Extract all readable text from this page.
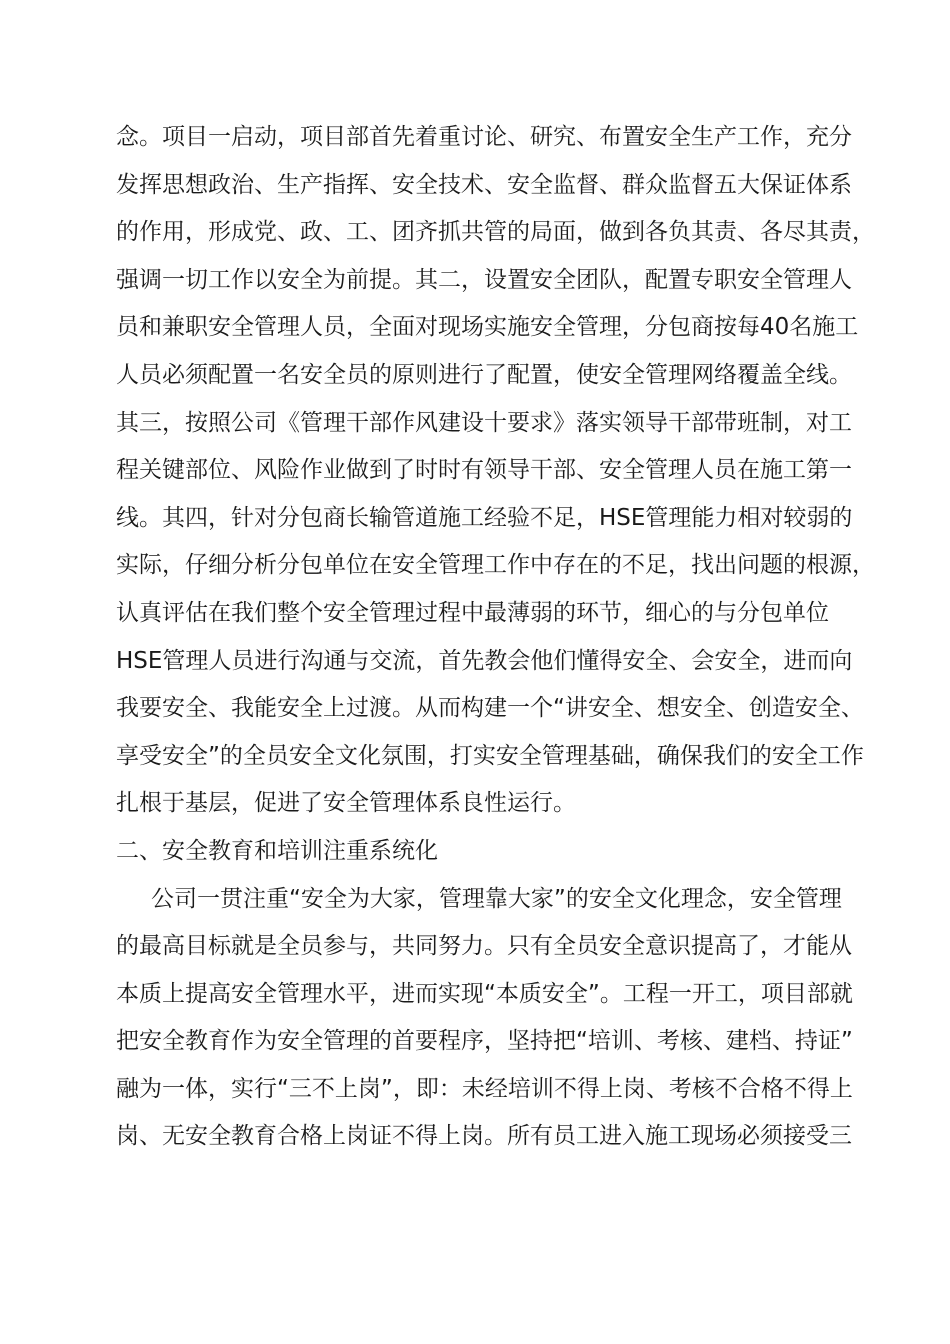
念。项目一启动，项目部首先着重讨论、研究、布置安全生产工作，充分
发挥思想政治、生产指挥、安全技术、安全监督、群众监督五大保证体系
的作用，形成党、政、工、团齐抓共管的局面，做到各负其责、各尽其责，
强调一切工作以安全为前提。其二，设置安全团队，配置专职安全管理人
员和兼职安全管理人员，全面对现场实施安全管理，分包商按每40名施工
人员必须配置一名安全员的原则进行了配置，使安全管理网络覆盖全线。
其三，按照公司《管理干部作风建设十要求》落实领导干部带班制，对工
程关键部位、风险作业做到了时时有领导干部、安全管理人员在施工第一
线。其四，针对分包商长输管道施工经验不足，HSE管理能力相对较弱的
实际，仔细分析分包单位在安全管理工作中存在的不足，找出问题的根源，
认真评估在我们整个安全管理过程中最薄弱的环节，细心的与分包单位
HSE管理人员进行沟通与交流，首先教会他们懂得安全、会安全，进而向
我要安全、我能安全上过渡。从而构建一个“讲安全、想安全、创造安全、
享受安全”的全员安全文化氛围，打实安全管理基础，确保我们的安全工作
扎根于基层，促进了安全管理体系良性运行。
二、安全教育和培训注重系统化
公司一贯注重“安全为大家，管理靠大家”的安全文化理念，安全管理
的最高目标就是全员参与，共同努力。只有全员安全意识提高了，才能从
本质上提高安全管理水平，进而实现“本质安全”。工程一开工，项目部就
把安全教育作为安全管理的首要程序，坚持把“培训、考核、建档、持证”
融为一体，实行“三不上岗”，即：未经培训不得上岗、考核不合格不得上
岗、无安全教育合格上岗证不得上岗。所有员工进入施工现场必须接受三
